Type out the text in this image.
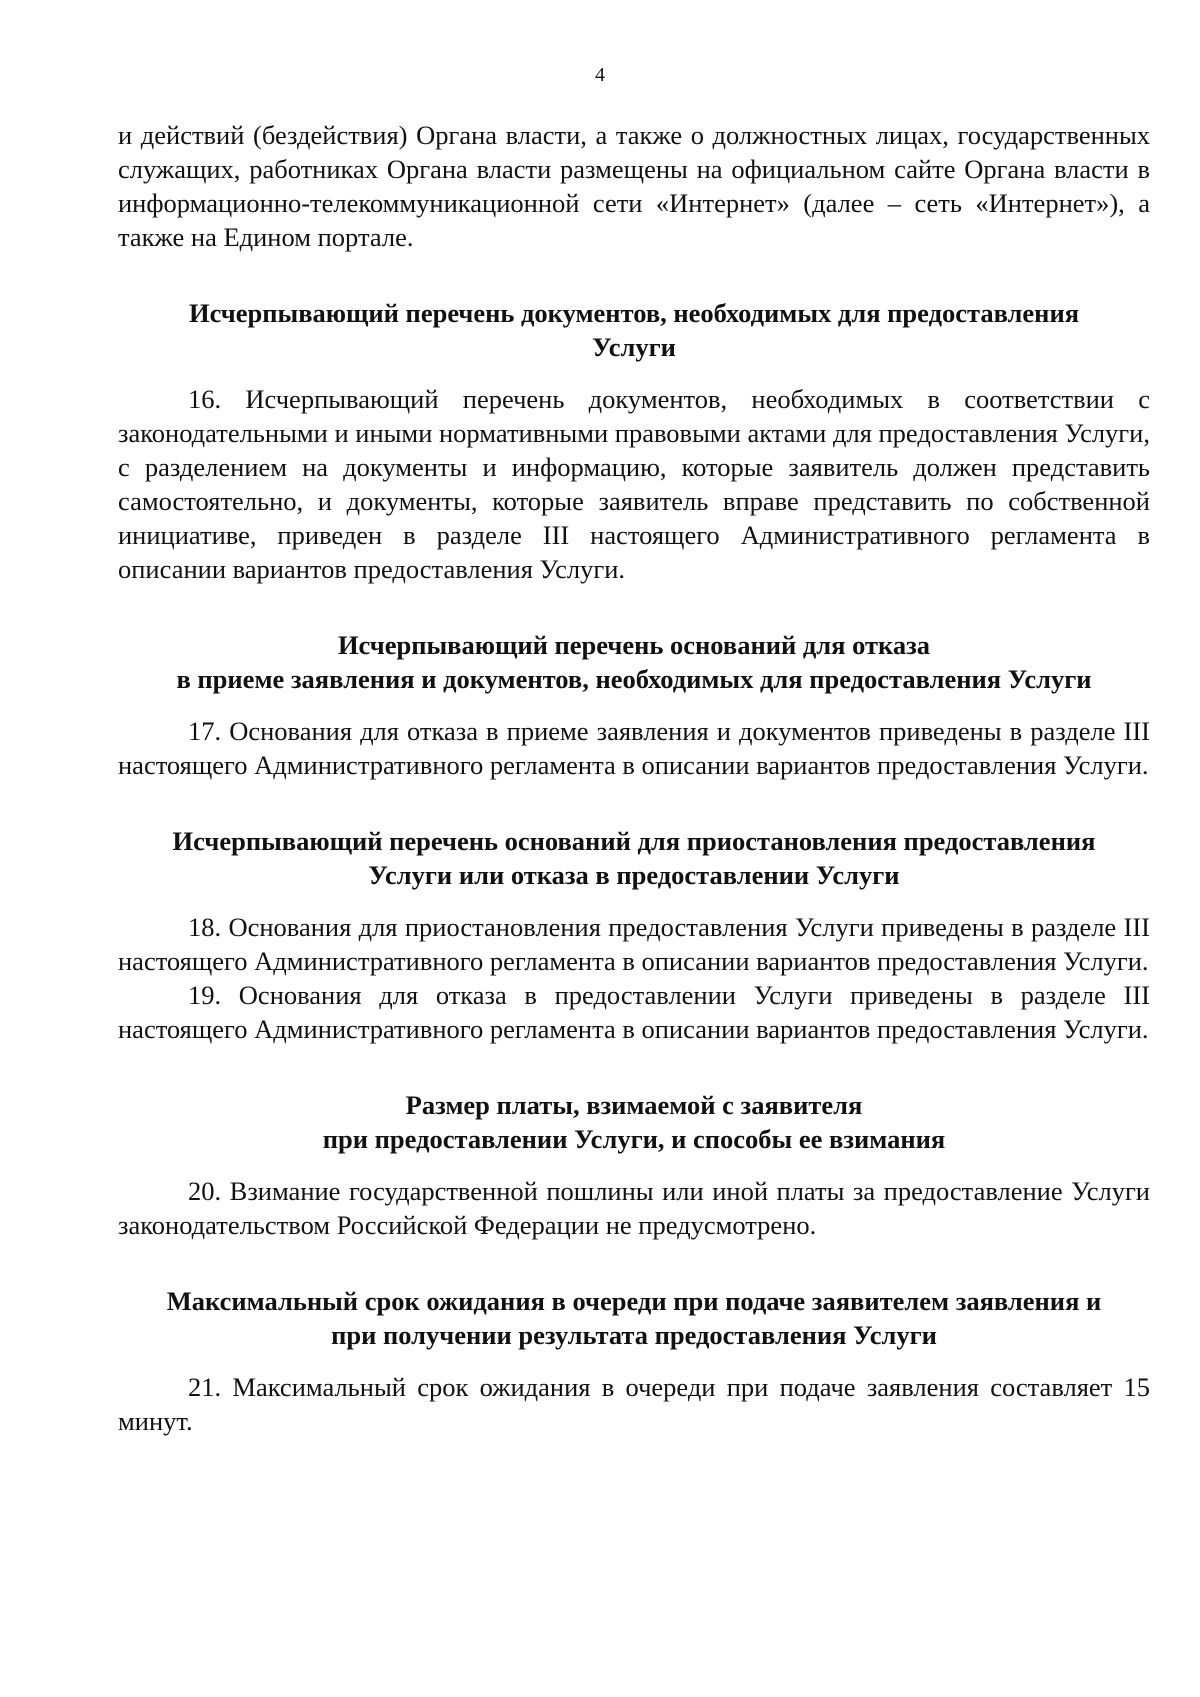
4

и действий (бездействия) Органа власти, а также о должностных лицах, государственных служащих, работниках Органа власти размещены на официальном сайте Органа власти в информационно-телекоммуникационной сети «Интернет» (далее – сеть «Интернет»), а также на Едином портале.

Исчерпывающий перечень документов, необходимых для предоставления
Услуги

16. Исчерпывающий перечень документов, необходимых в соответствии с законодательными и иными нормативными правовыми актами для предоставления Услуги, с разделением на документы и информацию, которые заявитель должен представить самостоятельно, и документы, которые заявитель вправе представить по собственной инициативе, приведен в разделе III настоящего Административного регламента в описании вариантов предоставления Услуги.

Исчерпывающий перечень оснований для отказа
в приеме заявления и документов, необходимых для предоставления Услуги

17. Основания для отказа в приеме заявления и документов приведены в разделе III настоящего Административного регламента в описании вариантов предоставления Услуги.

Исчерпывающий перечень оснований для приостановления предоставления
Услуги или отказа в предоставлении Услуги

18. Основания для приостановления предоставления Услуги приведены в разделе III настоящего Административного регламента в описании вариантов предоставления Услуги.

19. Основания для отказа в предоставлении Услуги приведены в разделе III настоящего Административного регламента в описании вариантов предоставления Услуги.

Размер платы, взимаемой с заявителя
при предоставлении Услуги, и способы ее взимания

20. Взимание государственной пошлины или иной платы за предоставление Услуги законодательством Российской Федерации не предусмотрено.

Максимальный срок ожидания в очереди при подаче заявителем заявления и
при получении результата предоставления Услуги

21. Максимальный срок ожидания в очереди при подаче заявления составляет 15 минут.
